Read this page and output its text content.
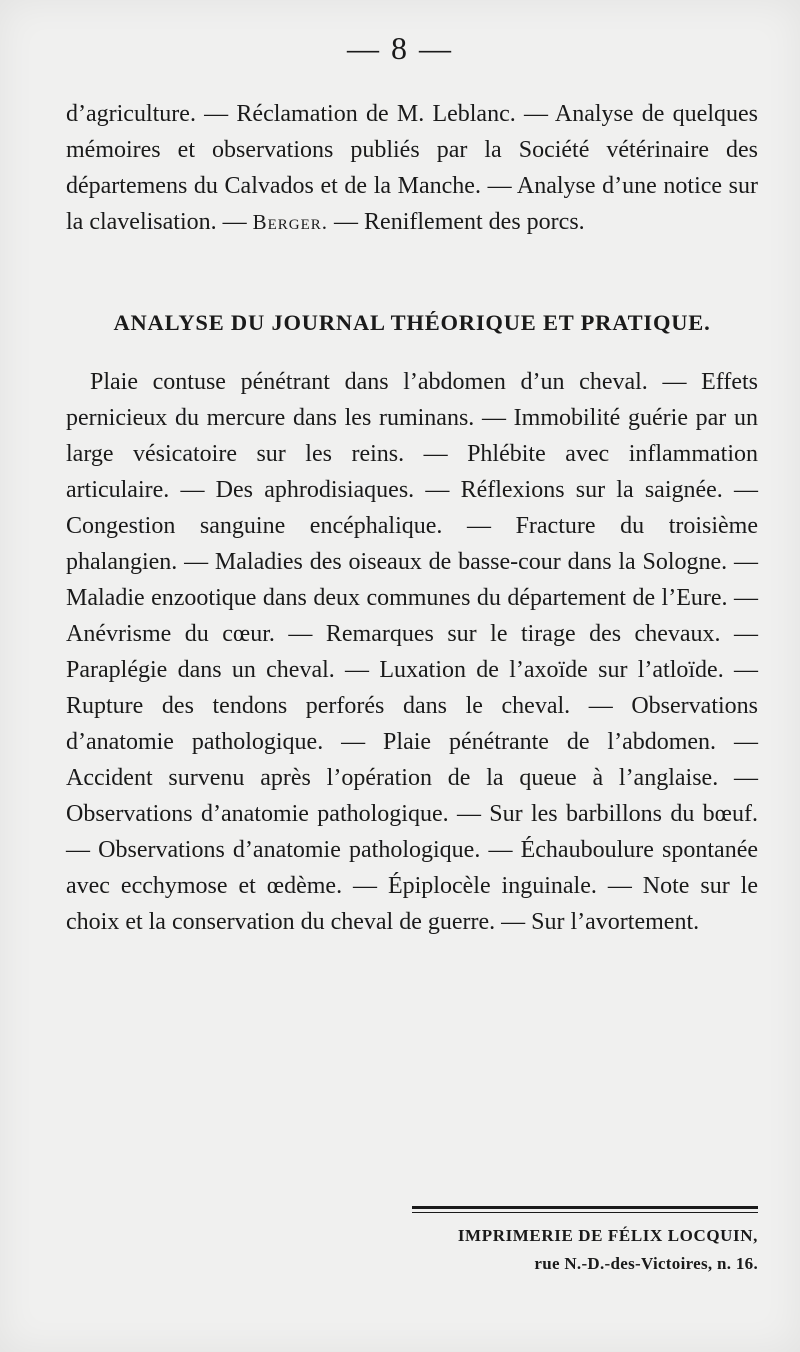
— 8 —
d’agriculture. — Réclamation de M. Leblanc. — Analyse de quelques mémoires et observations publiés par la Société vétérinaire des départemens du Calvados et de la Manche. — Analyse d’une notice sur la clavelisation. — Berger. — Reniflement des porcs.
ANALYSE DU JOURNAL THÉORIQUE ET PRATIQUE.
Plaie contuse pénétrant dans l’abdomen d’un cheval. — Effets pernicieux du mercure dans les ruminans. — Immobilité guérie par un large vésicatoire sur les reins. — Phlébite avec inflammation articulaire. — Des aphrodisiaques. — Réflexions sur la saignée. — Congestion sanguine encéphalique. — Fracture du troisième phalangien. — Maladies des oiseaux de basse-cour dans la Sologne. — Maladie enzootique dans deux communes du département de l’Eure. — Anévrisme du cœur. — Remarques sur le tirage des chevaux. — Paraplégie dans un cheval. — Luxation de l’axoïde sur l’atloïde. — Rupture des tendons perforés dans le cheval. — Observations d’anatomie pathologique. — Plaie pénétrante de l’abdomen. — Accident survenu après l’opération de la queue à l’anglaise. — Observations d’anatomie pathologique. — Sur les barbillons du bœuf. — Observations d’anatomie pathologique. — Échauboulure spontanée avec ecchymose et œdème. — Épiplocèle inguinale. — Note sur le choix et la conservation du cheval de guerre. — Sur l’avortement.
IMPRIMERIE DE FÉLIX LOCQUIN,
rue N.-D.-des-Victoires, n. 16.
